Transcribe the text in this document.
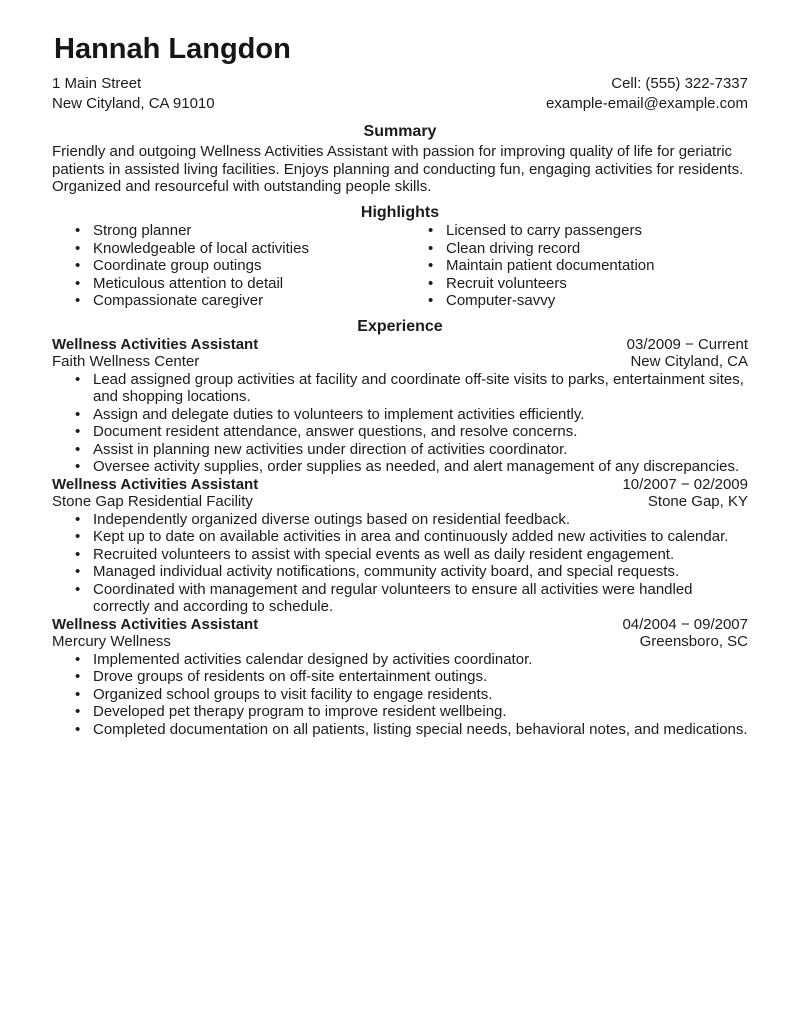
Hannah Langdon
1 Main Street
New Cityland, CA 91010
Cell: (555) 322-7337
example-email@example.com
Summary

Friendly and outgoing Wellness Activities Assistant with passion for improving quality of life for geriatric patients in assisted living facilities. Enjoys planning and conducting fun, engaging activities for residents. Organized and resourceful with outstanding people skills.

Highlights
• Strong planner
• Knowledgeable of local activities
• Coordinate group outings
• Meticulous attention to detail
• Compassionate caregiver
• Licensed to carry passengers
• Clean driving record
• Maintain patient documentation
• Recruit volunteers
• Computer-savvy
Experience
Wellness Activities Assistant	03/2009 − Current
Faith Wellness Center	New Cityland, CA
• Lead assigned group activities at facility and coordinate off-site visits to parks, entertainment sites, and shopping locations.
• Assign and delegate duties to volunteers to implement activities efficiently.
• Document resident attendance, answer questions, and resolve concerns.
• Assist in planning new activities under direction of activities coordinator.
• Oversee activity supplies, order supplies as needed, and alert management of any discrepancies.
Wellness Activities Assistant	10/2007 − 02/2009
Stone Gap Residential Facility	Stone Gap, KY
• Independently organized diverse outings based on residential feedback.
• Kept up to date on available activities in area and continuously added new activities to calendar.
• Recruited volunteers to assist with special events as well as daily resident engagement.
• Managed individual activity notifications, community activity board, and special requests.
• Coordinated with management and regular volunteers to ensure all activities were handled correctly and according to schedule.
Wellness Activities Assistant	04/2004 − 09/2007
Mercury Wellness	Greensboro, SC
• Implemented activities calendar designed by activities coordinator.
• Drove groups of residents on off-site entertainment outings.
• Organized school groups to visit facility to engage residents.
• Developed pet therapy program to improve resident wellbeing.
• Completed documentation on all patients, listing special needs, behavioral notes, and medications.
